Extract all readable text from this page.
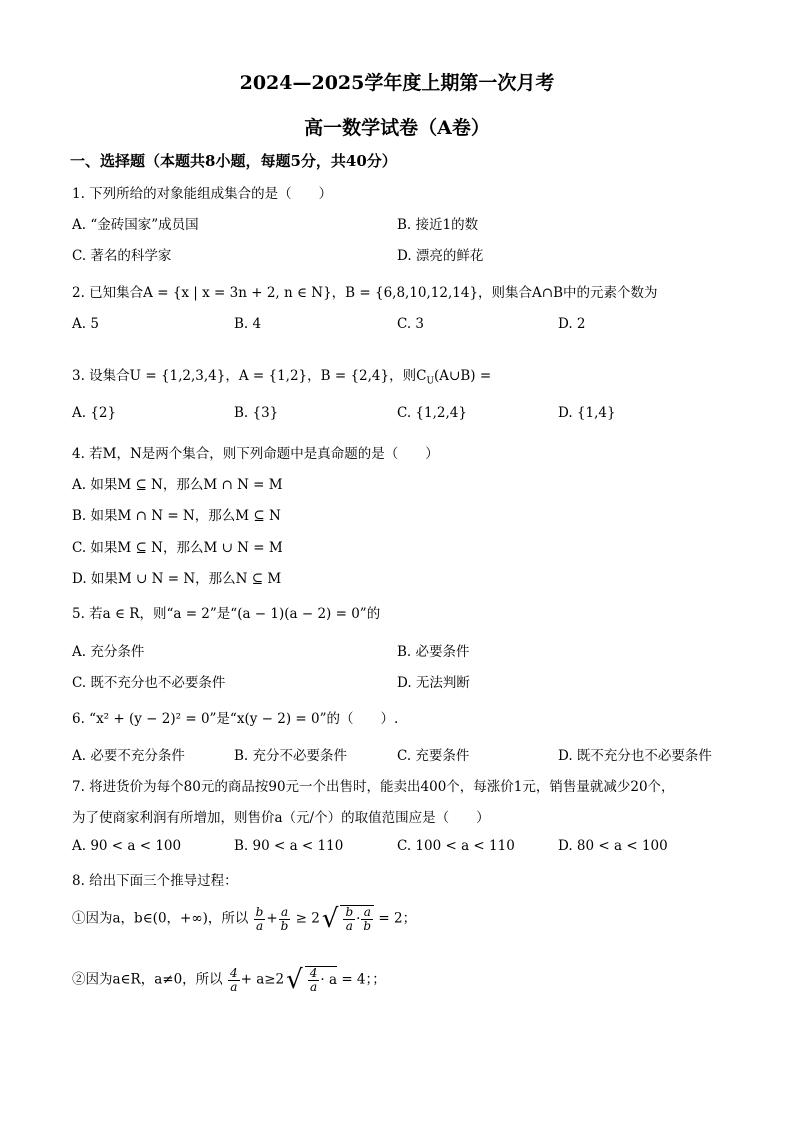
2024—2025学年度上期第一次月考
高一数学试卷（A卷）
一、选择题（本题共8小题，每题5分，共40分）
1. 下列所给的对象能组成集合的是（　　）
A. “金砖国家”成员国	B. 接近1的数
C. 著名的科学家	D. 漂亮的鲜花
2. 已知集合A = {x | x = 3n + 2, n ∈ N}，B = {6,8,10,12,14}，则集合A∩B中的元素个数为
A. 5	B. 4	C. 3	D. 2
3. 设集合U = {1,2,3,4}，A = {1,2}，B = {2,4}，则$C_U(A\cup B)$ =
A. {2}	B. {3}	C. {1,2,4}	D. {1,4}
4. 若M，N是两个集合，则下列命题中是真命题的是（　　）
A. 如果M ⊆ N，那么M ∩ N = M
B. 如果M ∩ N = N，那么M ⊆ N
C. 如果M ⊆ N，那么M ∪ N = M
D. 如果M ∪ N = N，那么N ⊆ M
5. 若a ∈ R，则“a = 2”是“(a − 1)(a − 2) = 0”的
A. 充分条件	B. 必要条件
C. 既不充分也不必要条件	D. 无法判断
6. “x² + (y − 2)² = 0”是“x(y − 2) = 0”的（　　）.
A. 必要不充分条件	B. 充分不必要条件	C. 充要条件	D. 既不充分也不必要条件
7. 将进货价为每个80元的商品按90元一个出售时，能卖出400个，每涨价1元，销售量就减少20个，
为了使商家利润有所增加，则售价a（元/个）的取值范围应是（　　）
A. 90 < a < 100	B. 90 < a < 110	C. 100 < a < 110	D. 80 < a < 100
8. 给出下面三个推导过程：
①因为a，b∈(0，+∞)，所以 $\frac{b}{a} + \frac{a}{b} \ge 2√ \frac{b}{a} \cdot \frac{a}{b} = 2$；
②因为a∈R，a≠0，所以 $\frac{4}{a} + a\ge 2√ \frac{4}{a} \cdot a = 4$；；
